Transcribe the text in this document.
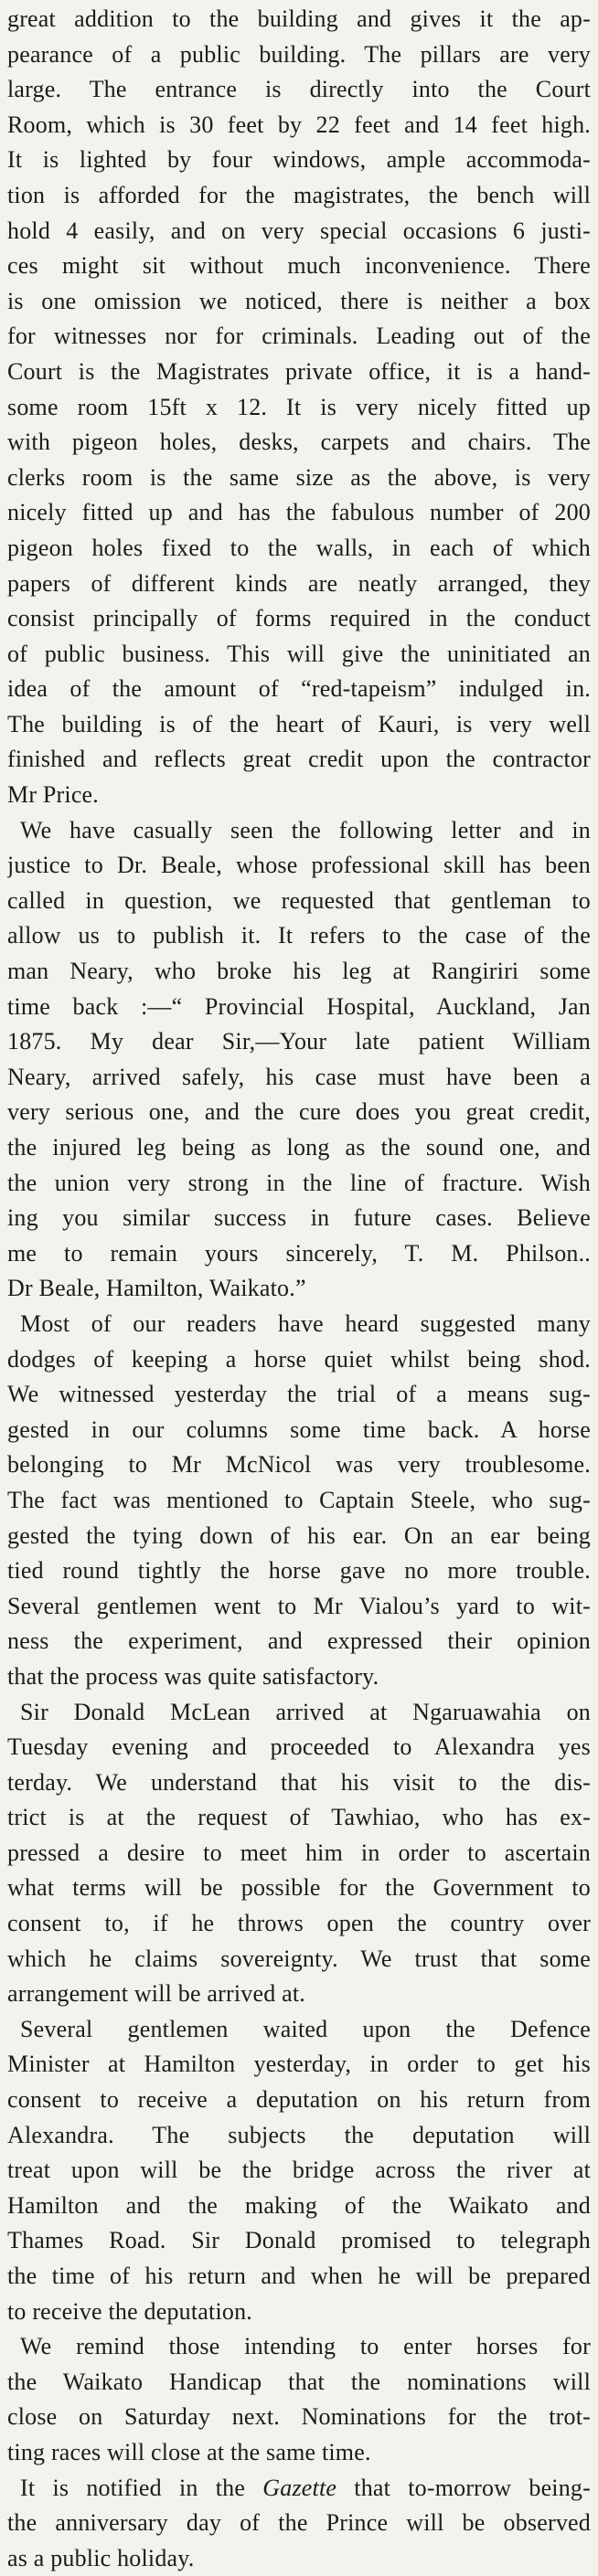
great addition to the building and gives it the ap-
pearance of a public building. The pillars are very
large. The entrance is directly into the Court
Room, which is 30 feet by 22 feet and 14 feet high.
It is lighted by four windows, ample accommoda-
tion is afforded for the magistrates, the bench will
hold 4 easily, and on very special occasions 6 justi-
ces might sit without much inconvenience. There
is one omission we noticed, there is neither a box
for witnesses nor for criminals. Leading out of the
Court is the Magistrates private office, it is a hand-
some room 15ft x 12. It is very nicely fitted up
with pigeon holes, desks, carpets and chairs. The
clerks room is the same size as the above, is very
nicely fitted up and has the fabulous number of 200
pigeon holes fixed to the walls, in each of which
papers of different kinds are neatly arranged, they
consist principally of forms required in the conduct
of public business. This will give the uninitiated an
idea of the amount of “red-tapeism” indulged in.
The building is of the heart of Kauri, is very well
finished and reflects great credit upon the contractor
Mr Price.
We have casually seen the following letter and in
justice to Dr. Beale, whose professional skill has been
called in question, we requested that gentleman to
allow us to publish it. It refers to the case of the
man Neary, who broke his leg at Rangiriri some
time back :—“ Provincial Hospital, Auckland, Jan
1875. My dear Sir,—Your late patient William
Neary, arrived safely, his case must have been a
very serious one, and the cure does you great credit,
the injured leg being as long as the sound one, and
the union very strong in the line of fracture. Wish
ing you similar success in future cases. Believe
me to remain yours sincerely, T. M. Philson..
Dr Beale, Hamilton, Waikato.”
Most of our readers have heard suggested many
dodges of keeping a horse quiet whilst being shod.
We witnessed yesterday the trial of a means sug-
gested in our columns some time back. A horse
belonging to Mr McNicol was very troublesome.
The fact was mentioned to Captain Steele, who sug-
gested the tying down of his ear. On an ear being
tied round tightly the horse gave no more trouble.
Several gentlemen went to Mr Vialou’s yard to wit-
ness the experiment, and expressed their opinion
that the process was quite satisfactory.
Sir Donald McLean arrived at Ngaruawahia on
Tuesday evening and proceeded to Alexandra yes
terday. We understand that his visit to the dis-
trict is at the request of Tawhiao, who has ex-
pressed a desire to meet him in order to ascertain
what terms will be possible for the Government to
consent to, if he throws open the country over
which he claims sovereignty. We trust that some
arrangement will be arrived at.
Several gentlemen waited upon the Defence
Minister at Hamilton yesterday, in order to get his
consent to receive a deputation on his return from
Alexandra. The subjects the deputation will
treat upon will be the bridge across the river at
Hamilton and the making of the Waikato and
Thames Road. Sir Donald promised to telegraph
the time of his return and when he will be prepared
to receive the deputation.
We remind those intending to enter horses for
the Waikato Handicap that the nominations will
close on Saturday next. Nominations for the trot-
ting races will close at the same time.
It is notified in the Gazette that to-morrow being-
the anniversary day of the Prince will be observed
as a public holiday.
